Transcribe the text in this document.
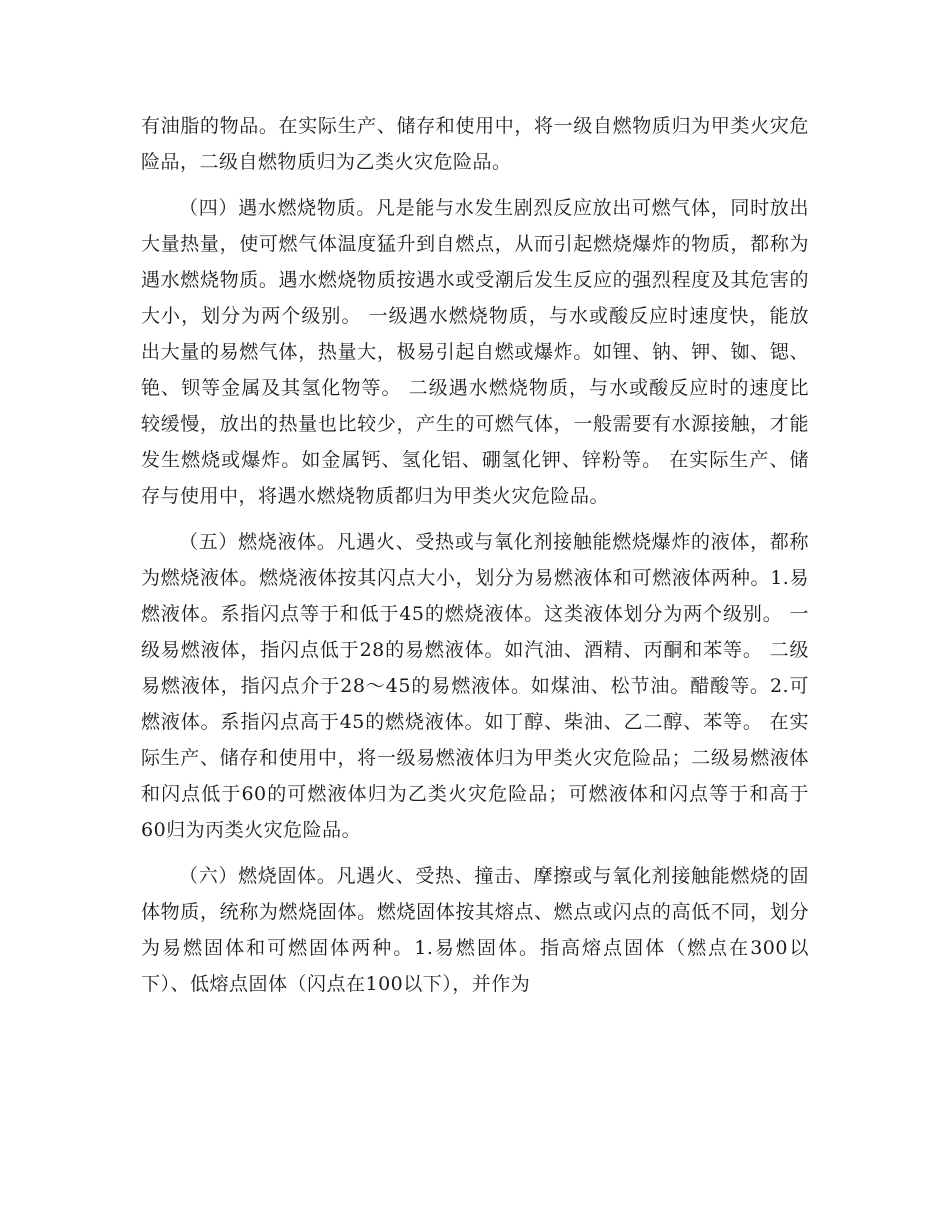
有油脂的物品。在实际生产、储存和使用中，将一级自燃物质归为甲类火灾危险品，二级自燃物质归为乙类火灾危险品。

（四）遇水燃烧物质。凡是能与水发生剧烈反应放出可燃气体，同时放出大量热量，使可燃气体温度猛升到自燃点，从而引起燃烧爆炸的物质，都称为遇水燃烧物质。遇水燃烧物质按遇水或受潮后发生反应的强烈程度及其危害的大小，划分为两个级别。 一级遇水燃烧物质，与水或酸反应时速度快，能放出大量的易燃气体，热量大，极易引起自燃或爆炸。如锂、钠、钾、铷、锶、铯、钡等金属及其氢化物等。 二级遇水燃烧物质，与水或酸反应时的速度比较缓慢，放出的热量也比较少，产生的可燃气体，一般需要有水源接触，才能发生燃烧或爆炸。如金属钙、氢化铝、硼氢化钾、锌粉等。 在实际生产、储存与使用中，将遇水燃烧物质都归为甲类火灾危险品。

（五）燃烧液体。凡遇火、受热或与氧化剂接触能燃烧爆炸的液体，都称为燃烧液体。燃烧液体按其闪点大小，划分为易燃液体和可燃液体两种。1.易燃液体。系指闪点等于和低于45的燃烧液体。这类液体划分为两个级别。 一级易燃液体，指闪点低于28的易燃液体。如汽油、酒精、丙酮和苯等。 二级易燃液体，指闪点介于28～45的易燃液体。如煤油、松节油。醋酸等。2.可燃液体。系指闪点高于45的燃烧液体。如丁醇、柴油、乙二醇、苯等。 在实际生产、储存和使用中，将一级易燃液体归为甲类火灾危险品；二级易燃液体和闪点低于60的可燃液体归为乙类火灾危险品；可燃液体和闪点等于和高于60归为丙类火灾危险品。

（六）燃烧固体。凡遇火、受热、撞击、摩擦或与氧化剂接触能燃烧的固体物质，统称为燃烧固体。燃烧固体按其熔点、燃点或闪点的高低不同，划分为易燃固体和可燃固体两种。1.易燃固体。指高熔点固体（燃点在300以下）、低熔点固体（闪点在100以下），并作为
